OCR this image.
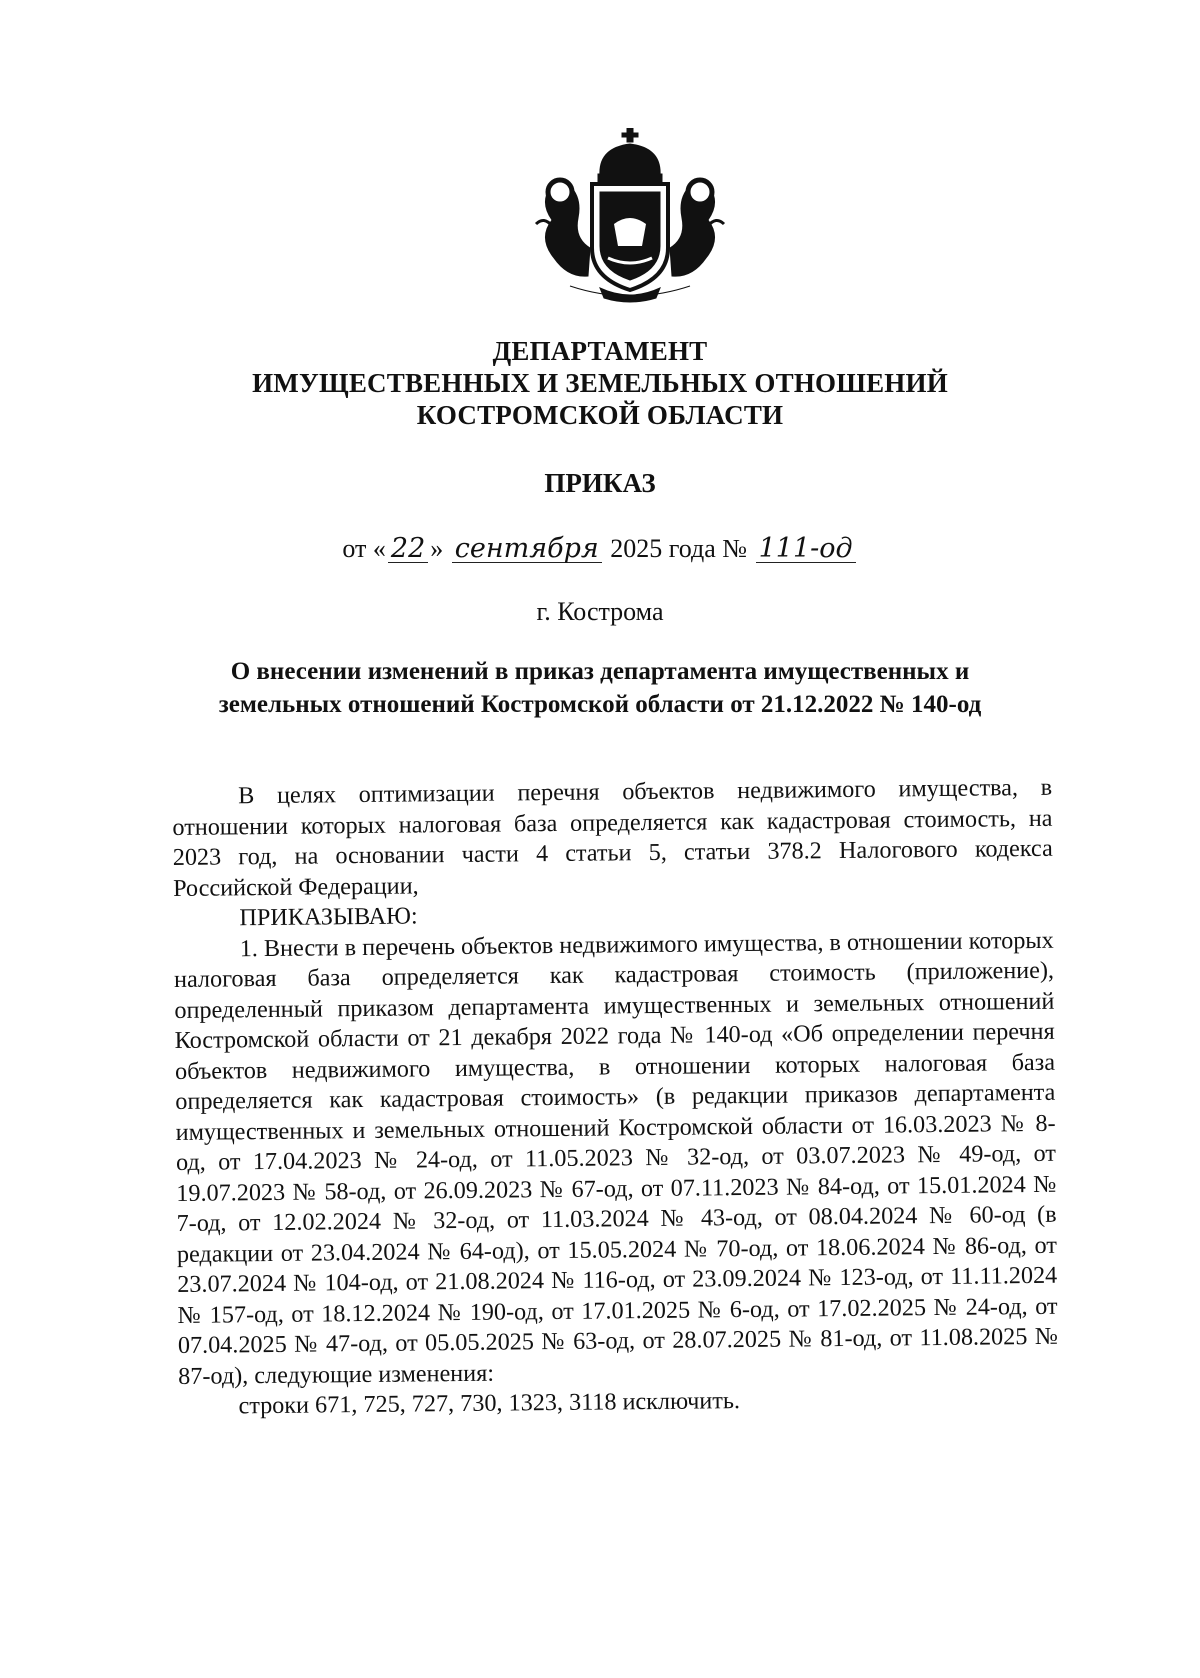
ДЕПАРТАМЕНТ
ИМУЩЕСТВЕННЫХ И ЗЕМЕЛЬНЫХ ОТНОШЕНИЙ
КОСТРОМСКОЙ ОБЛАСТИ
ПРИКАЗ
от « 22 » сентября 2025 года № 111-од
г. Кострома
О внесении изменений в приказ департамента имущественных и
земельных отношений Костромской области от 21.12.2022 № 140-од

В целях оптимизации перечня объектов недвижимого имущества, в отношении которых налоговая база определяется как кадастровая стоимость, на 2023 год, на основании части 4 статьи 5, статьи 378.2 Налогового кодекса Российской Федерации,

ПРИКАЗЫВАЮ:

1. Внести в перечень объектов недвижимого имущества, в отношении которых налоговая база определяется как кадастровая стоимость (приложение), определенный приказом департамента имущественных и земельных отношений Костромской области от 21 декабря 2022 года № 140-од «Об определении перечня объектов недвижимого имущества, в отношении которых налоговая база определяется как кадастровая стоимость» (в редакции приказов департамента имущественных и земельных отношений Костромской области от 16.03.2023 № 8-од, от 17.04.2023 № 24-од, от 11.05.2023 № 32-од, от 03.07.2023 № 49-од, от 19.07.2023 № 58-од, от 26.09.2023 № 67-од, от 07.11.2023 № 84-од, от 15.01.2024 № 7-од, от 12.02.2024 № 32-од, от 11.03.2024 № 43-од, от 08.04.2024 № 60-од (в редакции от 23.04.2024 № 64-од), от 15.05.2024 № 70-од, от 18.06.2024 № 86-од, от 23.07.2024 № 104-од, от 21.08.2024 № 116-од, от 23.09.2024 № 123-од, от 11.11.2024 № 157-од, от 18.12.2024 № 190-од, от 17.01.2025 № 6-од, от 17.02.2025 № 24-од, от 07.04.2025 № 47-од, от 05.05.2025 № 63-од, от 28.07.2025 № 81-од, от 11.08.2025 № 87-од), следующие изменения:

строки 671, 725, 727, 730, 1323, 3118 исключить.
